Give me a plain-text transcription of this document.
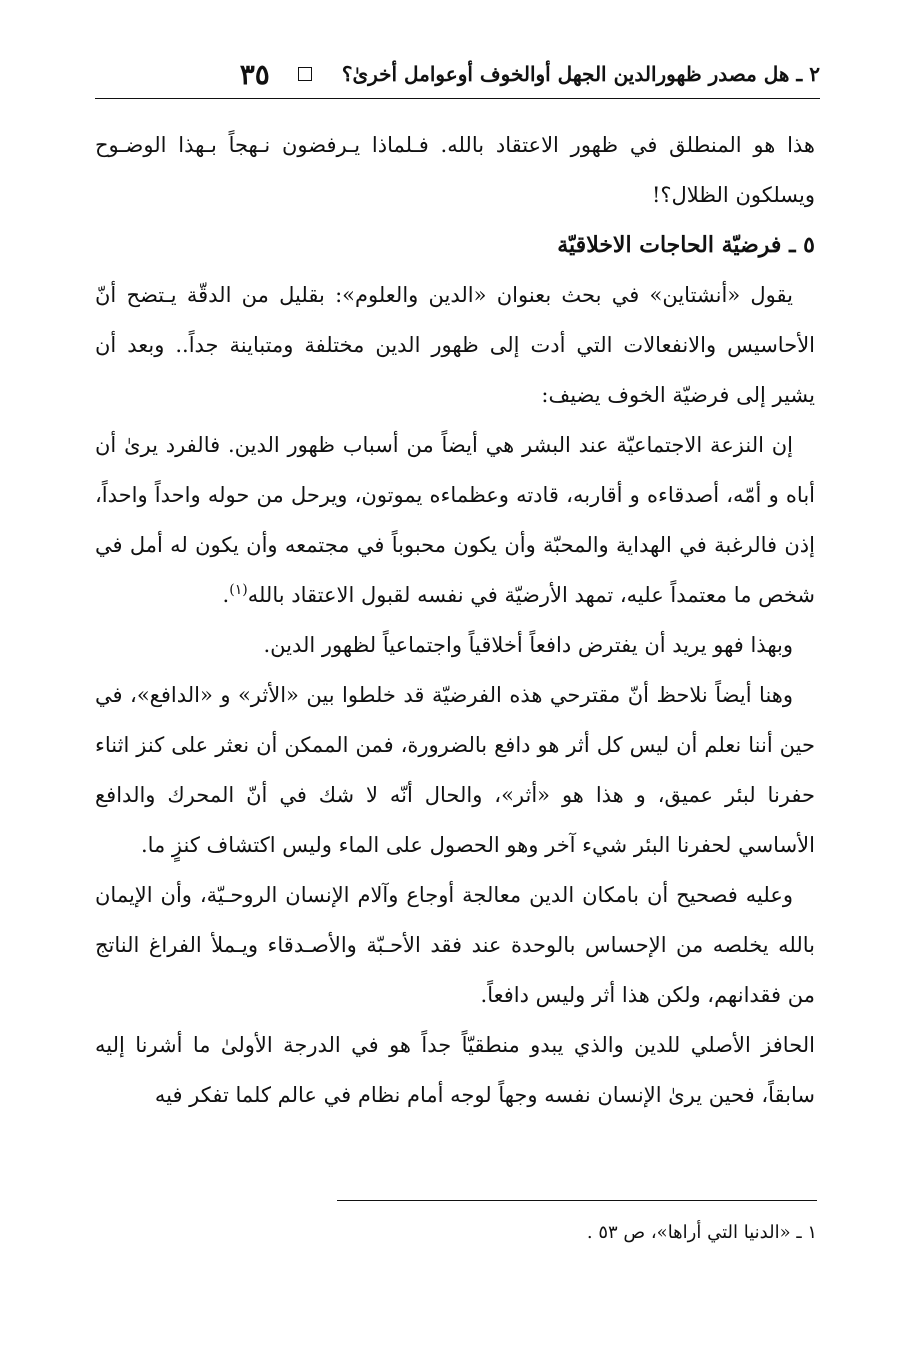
٢ ـ هل مصدر ظهورالدين الجهل أوالخوف أوعوامل أخرىٰ؟
٣٥

هذا هو المنطلق في ظهور الاعتقاد بالله. فـلماذا يـرفضون نـهجاً بـهذا الوضـوح ويسلكون الظلال؟!

٥ ـ فرضيّة الحاجات الاخلاقيّة

يقول «أنشتاين» في بحث بعنوان «الدين والعلوم»: بقليل من الدقّة يـتضح أنّ الأحاسيس والانفعالات التي أدت إلى ظهور الدين مختلفة ومتباينة جداً.. وبعد أن يشير إلى فرضيّة الخوف يضيف:

إن النزعة الاجتماعيّة عند البشر هي أيضاً من أسباب ظهور الدين. فالفرد يرىٰ أن أباه و أمّه، أصدقاءه و أقاربه، قادته وعظماءه يموتون، ويرحل من حوله واحداً واحداً، إذن فالرغبة في الهداية والمحبّة وأن يكون محبوباً في مجتمعه وأن يكون له أمل في شخص ما معتمداً عليه، تمهد الأرضيّة في نفسه لقبول الاعتقاد بالله$^{(١)}$.

وبهذا فهو يريد أن يفترض دافعاً أخلاقياً واجتماعياً لظهور الدين.

وهنا أيضاً نلاحظ أنّ مقترحي هذه الفرضيّة قد خلطوا بين «الأثر» و «الدافع»، في حين أننا نعلم أن ليس كل أثر هو دافع بالضرورة، فمن الممكن أن نعثر على كنز اثناء حفرنا لبئر عميق، و هذا هو «أثر»، والحال أنّه لا شك في أنّ المحرك والدافع الأساسي لحفرنا البئر شيء آخر وهو الحصول على الماء وليس اكتشاف كنزٍ ما.

وعليه فصحيح أن بامكان الدين معالجة أوجاع وآلام الإنسان الروحـيّة، وأن الإيمان بالله يخلصه من الإحساس بالوحدة عند فقد الأحـبّة والأصـدقاء ويـملأ الفراغ الناتج من فقدانهم، ولكن هذا أثر وليس دافعاً.

الحافز الأصلي للدين والذي يبدو منطقيّاً جداً هو في الدرجة الأولىٰ ما أشرنا إليه سابقاً، فحين يرىٰ الإنسان نفسه وجهاً لوجه أمام نظام في عالم كلما تفكر فيه

١ ـ «الدنيا التي أراها»، ص ٥٣ .
